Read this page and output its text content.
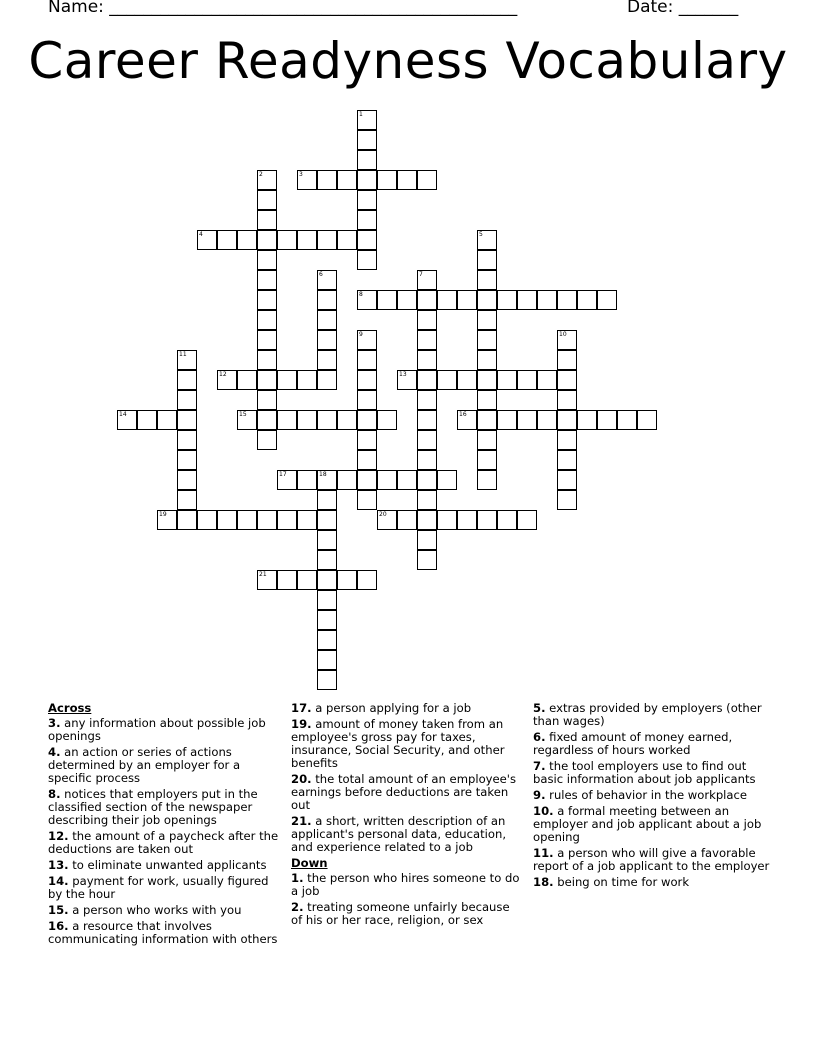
Name: ________________________________________________	Date: _______
Career Readyness Vocabulary
1
2	3
4	5
6	7
8
9	10
11
12	13
14	15	16
17	18
19	20
21
Across
3. any information about possible job openings
4. an action or series of actions determined by an employer for a specific process
8. notices that employers put in the classified section of the newspaper describing their job openings
12. the amount of a paycheck after the deductions are taken out
13. to eliminate unwanted applicants
14. payment for work, usually figured by the hour
15. a person who works with you
16. a resource that involves communicating information with others
17. a person applying for a job
19. amount of money taken from an employee's gross pay for taxes, insurance, Social Security, and other benefits
20. the total amount of an employee's earnings before deductions are taken out
21. a short, written description of an applicant's personal data, education, and experience related to a job
Down
1. the person who hires someone to do a job
2. treating someone unfairly because of his or her race, religion, or sex
5. extras provided by employers (other than wages)
6. fixed amount of money earned, regardless of hours worked
7. the tool employers use to find out basic information about job applicants
9. rules of behavior in the workplace
10. a formal meeting between an employer and job applicant about a job opening
11. a person who will give a favorable report of a job applicant to the employer
18. being on time for work
